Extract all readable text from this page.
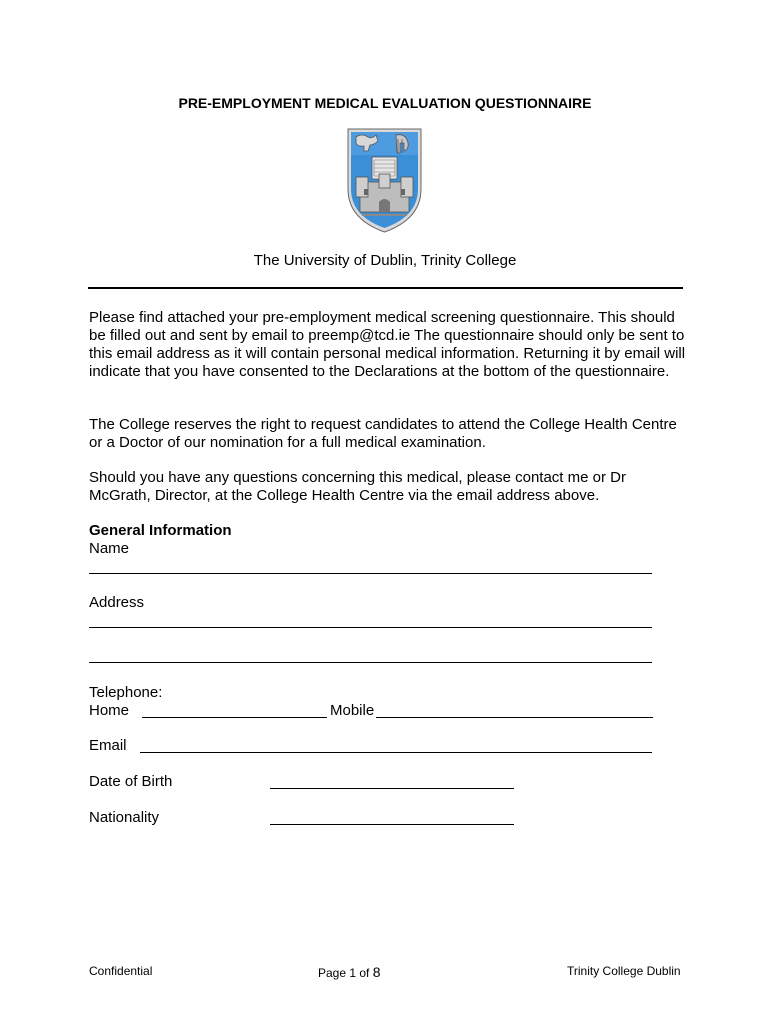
PRE-EMPLOYMENT MEDICAL EVALUATION QUESTIONNAIRE
The University of Dublin, Trinity College
Please find attached your pre-employment medical screening questionnaire. This should be filled out and sent by email to preemp@tcd.ie The questionnaire should only be sent to this email address as it will contain personal medical information. Returning it by email will indicate that you have consented to the Declarations at the bottom of the questionnaire.
The College reserves the right to request candidates to attend the College Health Centre or a Doctor of our nomination for a full medical examination.
Should you have any questions concerning this medical, please contact me or Dr McGrath, Director, at the College Health Centre via the email address above.
General Information
Name
Address
Telephone:
Home	Mobile
Email
Date of Birth
Nationality
Confidential	Page 1 of 8	Trinity College Dublin
